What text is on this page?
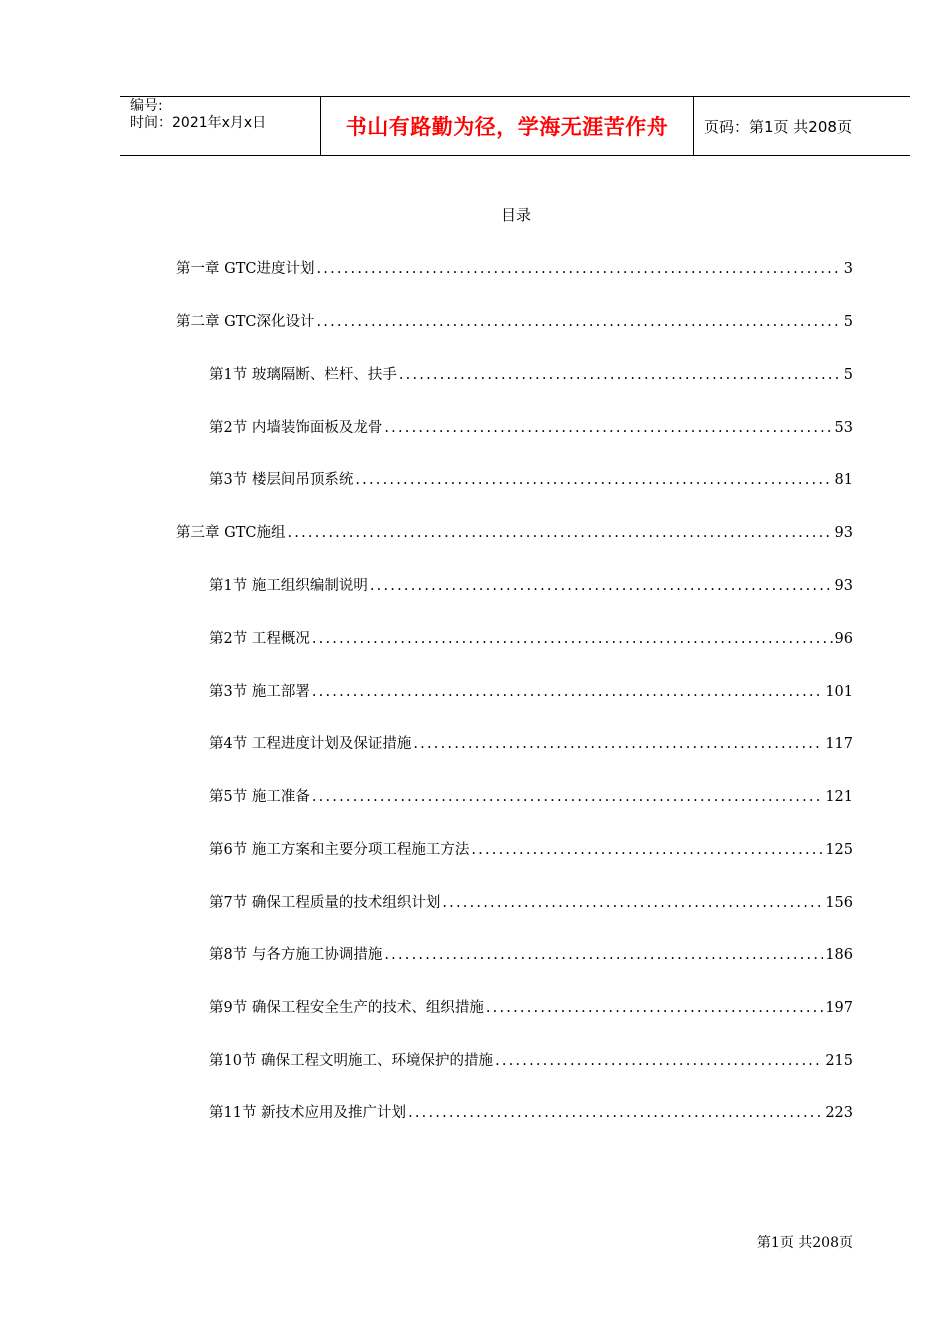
编号:
时间：2021年x月x日	书山有路勤为径，学海无涯苦作舟 页码：第1页 共208页
目录
第一章 GTC进度计划 .....	3
第二章 GTC深化设计 .....	5
第1节 玻璃隔断、栏杆、扶手 .....	5
第2节 内墙装饰面板及龙骨 .....	53
第3节 楼层间吊顶系统 .....	81
第三章 GTC施组 .....	93
第1节 施工组织编制说明 .....	93
第2节 工程概况 .....	96
第3节 施工部署 .....	101
第4节 工程进度计划及保证措施 .....	117
第5节 施工准备 .....	121
第6节 施工方案和主要分项工程施工方法 .....	125
第7节 确保工程质量的技术组织计划 .....	156
第8节 与各方施工协调措施 .....	186
第9节 确保工程安全生产的技术、组织措施 .....	197
第10节 确保工程文明施工、环境保护的措施 .....	215
第11节 新技术应用及推广计划 .....	223
第1页 共208页
